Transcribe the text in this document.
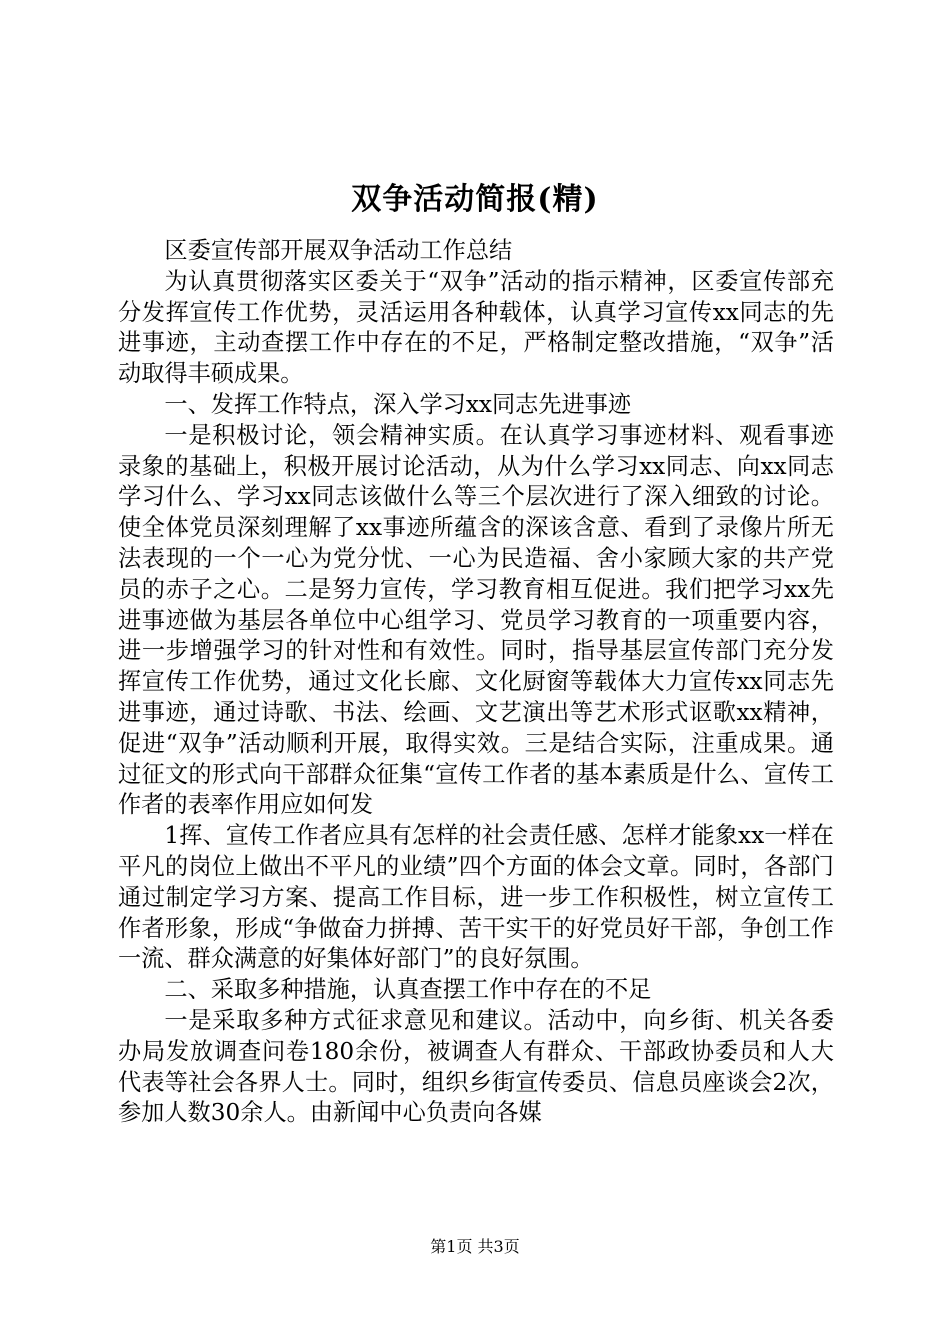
双争活动简报(精)

区委宣传部开展双争活动工作总结

为认真贯彻落实区委关于“双争”活动的指示精神，区委宣传部充分发挥宣传工作优势，灵活运用各种载体，认真学习宣传xx同志的先进事迹，主动查摆工作中存在的不足，严格制定整改措施，“双争”活动取得丰硕成果。

一、发挥工作特点，深入学习xx同志先进事迹

一是积极讨论，领会精神实质。在认真学习事迹材料、观看事迹录象的基础上，积极开展讨论活动，从为什么学习xx同志、向xx同志学习什么、学习xx同志该做什么等三个层次进行了深入细致的讨论。使全体党员深刻理解了xx事迹所蕴含的深该含意、看到了录像片所无法表现的一个一心为党分忧、一心为民造福、舍小家顾大家的共产党员的赤子之心。二是努力宣传，学习教育相互促进。我们把学习xx先进事迹做为基层各单位中心组学习、党员学习教育的一项重要内容，进一步增强学习的针对性和有效性。同时，指导基层宣传部门充分发挥宣传工作优势，通过文化长廊、文化厨窗等载体大力宣传xx同志先进事迹，通过诗歌、书法、绘画、文艺演出等艺术形式讴歌xx精神，促进“双争”活动顺利开展，取得实效。三是结合实际，注重成果。通过征文的形式向干部群众征集“宣传工作者的基本素质是什么、宣传工作者的表率作用应如何发

1挥、宣传工作者应具有怎样的社会责任感、怎样才能象xx一样在平凡的岗位上做出不平凡的业绩”四个方面的体会文章。同时，各部门通过制定学习方案、提高工作目标，进一步工作积极性，树立宣传工作者形象，形成“争做奋力拼搏、苦干实干的好党员好干部，争创工作一流、群众满意的好集体好部门”的良好氛围。

二、采取多种措施，认真查摆工作中存在的不足

一是采取多种方式征求意见和建议。活动中，向乡街、机关各委办局发放调查问卷180余份，被调查人有群众、干部政协委员和人大代表等社会各界人士。同时，组织乡街宣传委员、信息员座谈会2次，参加人数30余人。由新闻中心负责向各媒

第1页 共3页
